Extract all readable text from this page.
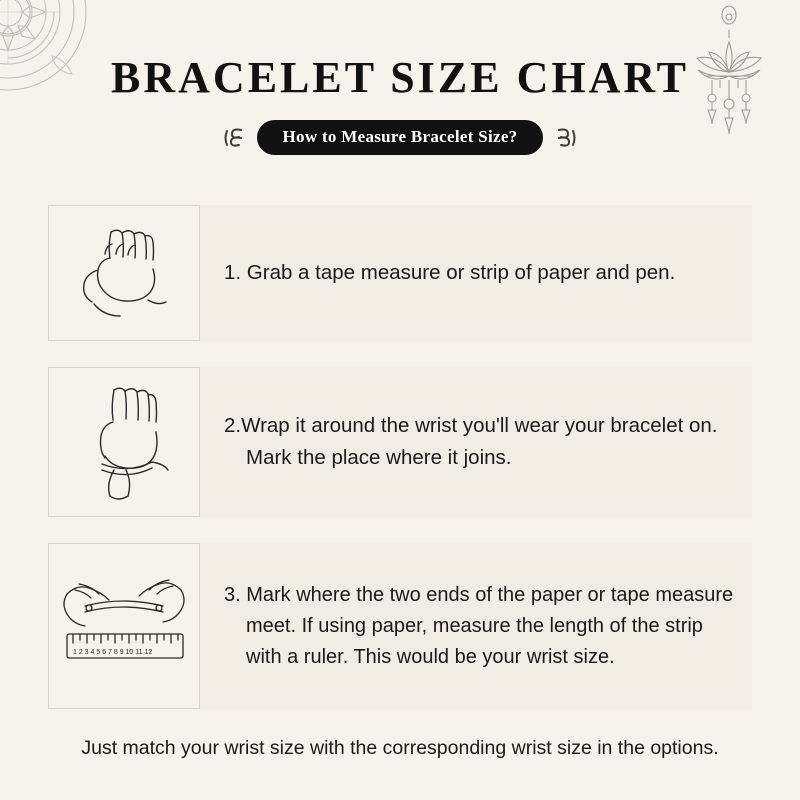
BRACELET SIZE CHART
How to Measure Bracelet Size?

1. Grab a tape measure or strip of paper and pen.

2.Wrap it around the wrist you'll wear your bracelet on. Mark the place where it joins.

1 2 3 4 5 6 7 8 9 10 11 12

3. Mark where the two ends of the paper or tape measure meet. If using paper, measure the length of the strip with a ruler. This would be your wrist size.

Just match your wrist size with the corresponding wrist size in the options.
